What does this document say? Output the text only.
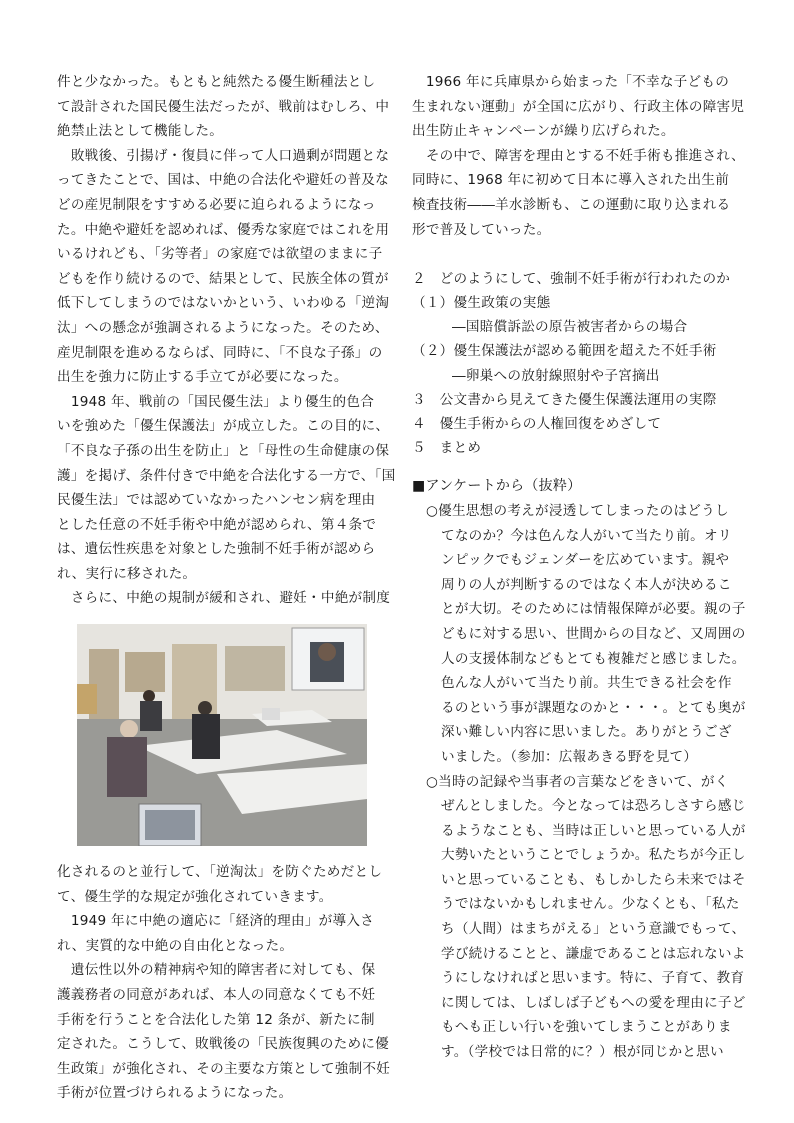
件と少なかった。もともと純然たる優生断種法とし

て設計された国民優生法だったが、戦前はむしろ、中

絶禁止法として機能した。

　敗戦後、引揚げ・復員に伴って人口過剰が問題とな

ってきたことで、国は、中絶の合法化や避妊の普及な

どの産児制限をすすめる必要に迫られるようになっ

た。中絶や避妊を認めれば、優秀な家庭ではこれを用

いるけれども、「劣等者」の家庭では欲望のままに子

どもを作り続けるので、結果として、民族全体の質が

低下してしまうのではないかという、いわゆる「逆淘

汰」への懸念が強調されるようになった。そのため、

産児制限を進めるならば、同時に、「不良な子孫」の

出生を強力に防止する手立てが必要になった。

　1948 年、戦前の「国民優生法」より優生的色合

いを強めた「優生保護法」が成立した。この目的に、

「不良な子孫の出生を防止」と「母性の生命健康の保

護」を掲げ、条件付きで中絶を合法化する一方で、「国

民優生法」では認めていなかったハンセン病を理由

とした任意の不妊手術や中絶が認められ、第４条で

は、遺伝性疾患を対象とした強制不妊手術が認めら

れ、実行に移された。

　さらに、中絶の規制が緩和され、避妊・中絶が制度

化されるのと並行して、「逆淘汰」を防ぐためだとし

て、優生学的な規定が強化されていきます。

　1949 年に中絶の適応に「経済的理由」が導入さ

れ、実質的な中絶の自由化となった。

　遺伝性以外の精神病や知的障害者に対しても、保

護義務者の同意があれば、本人の同意なくても不妊

手術を行うことを合法化した第 12 条が、新たに制

定された。こうして、敗戦後の「民族復興のために優

生政策」が強化され、その主要な方策として強制不妊

手術が位置づけられるようになった。

　1966 年に兵庫県から始まった「不幸な子どもの

生まれない運動」が全国に広がり、行政主体の障害児

出生防止キャンペーンが繰り広げられた。

　その中で、障害を理由とする不妊手術も推進され、

同時に、1968 年に初めて日本に導入された出生前

検査技術――羊水診断も、この運動に取り込まれる

形で普及していった。

２　どのようにして、強制不妊手術が行われたのか

（１）優生政策の実態

―国賠償訴訟の原告被害者からの場合

（２）優生保護法が認める範囲を超えた不妊手術

―卵巣への放射線照射や子宮摘出

３　公文書から見えてきた優生保護法運用の実際

４　優生手術からの人権回復をめざして

５　まとめ

■アンケートから（抜粋）

○優生思想の考えが浸透してしまったのはどうし

てなのか？今は色んな人がいて当たり前。オリ

ンピックでもジェンダーを広めています。親や

周りの人が判断するのではなく本人が決めるこ

とが大切。そのためには情報保障が必要。親の子

どもに対する思い、世間からの目など、又周囲の

人の支援体制などもとても複雑だと感じました。

色んな人がいて当たり前。共生できる社会を作

るのという事が課題なのかと・・・。とても奥が

深い難しい内容に思いました。ありがとうござ

いました。（参加：広報あきる野を見て）

○当時の記録や当事者の言葉などをきいて、がく

ぜんとしました。今となっては恐ろしさすら感じ

るようなことも、当時は正しいと思っている人が

大勢いたということでしょうか。私たちが今正し

いと思っていることも、もしかしたら未来ではそ

うではないかもしれません。少なくとも、「私た

ち（人間）はまちがえる」という意識でもって、

学び続けることと、謙虚であることは忘れないよ

うにしなければと思います。特に、子育て、教育

に関しては、しばしば子どもへの愛を理由に子ど

もへも正しい行いを強いてしまうことがありま

す。（学校では日常的に？）根が同じかと思い
